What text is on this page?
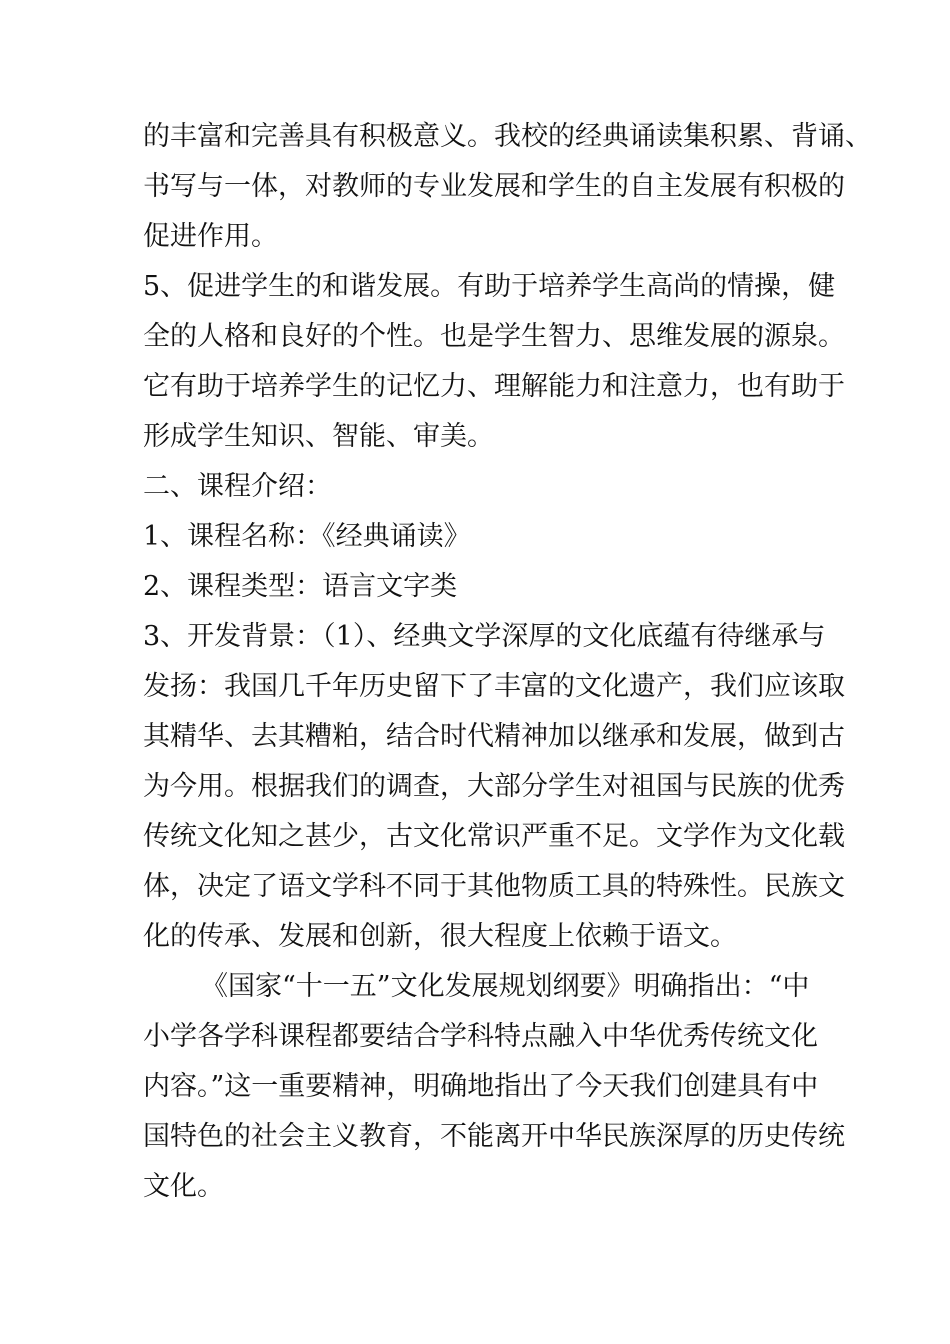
的丰富和完善具有积极意义。我校的经典诵读集积累、背诵、
书写与一体，对教师的专业发展和学生的自主发展有积极的
促进作用。
5、促进学生的和谐发展。有助于培养学生高尚的情操，健
全的人格和良好的个性。也是学生智力、思维发展的源泉。
它有助于培养学生的记忆力、理解能力和注意力，也有助于
形成学生知识、智能、审美。
二、课程介绍：
1、课程名称：《经典诵读》
2、课程类型：语言文字类
3、开发背景：（1）、经典文学深厚的文化底蕴有待继承与
发扬：我国几千年历史留下了丰富的文化遗产，我们应该取
其精华、去其糟粕，结合时代精神加以继承和发展，做到古
为今用。根据我们的调查，大部分学生对祖国与民族的优秀
传统文化知之甚少，古文化常识严重不足。文学作为文化载
体，决定了语文学科不同于其他物质工具的特殊性。民族文
化的传承、发展和创新，很大程度上依赖于语文。
《国家“十一五”文化发展规划纲要》明确指出：“中
小学各学科课程都要结合学科特点融入中华优秀传统文化
内容。”这一重要精神，明确地指出了今天我们创建具有中
国特色的社会主义教育，不能离开中华民族深厚的历史传统
文化。
